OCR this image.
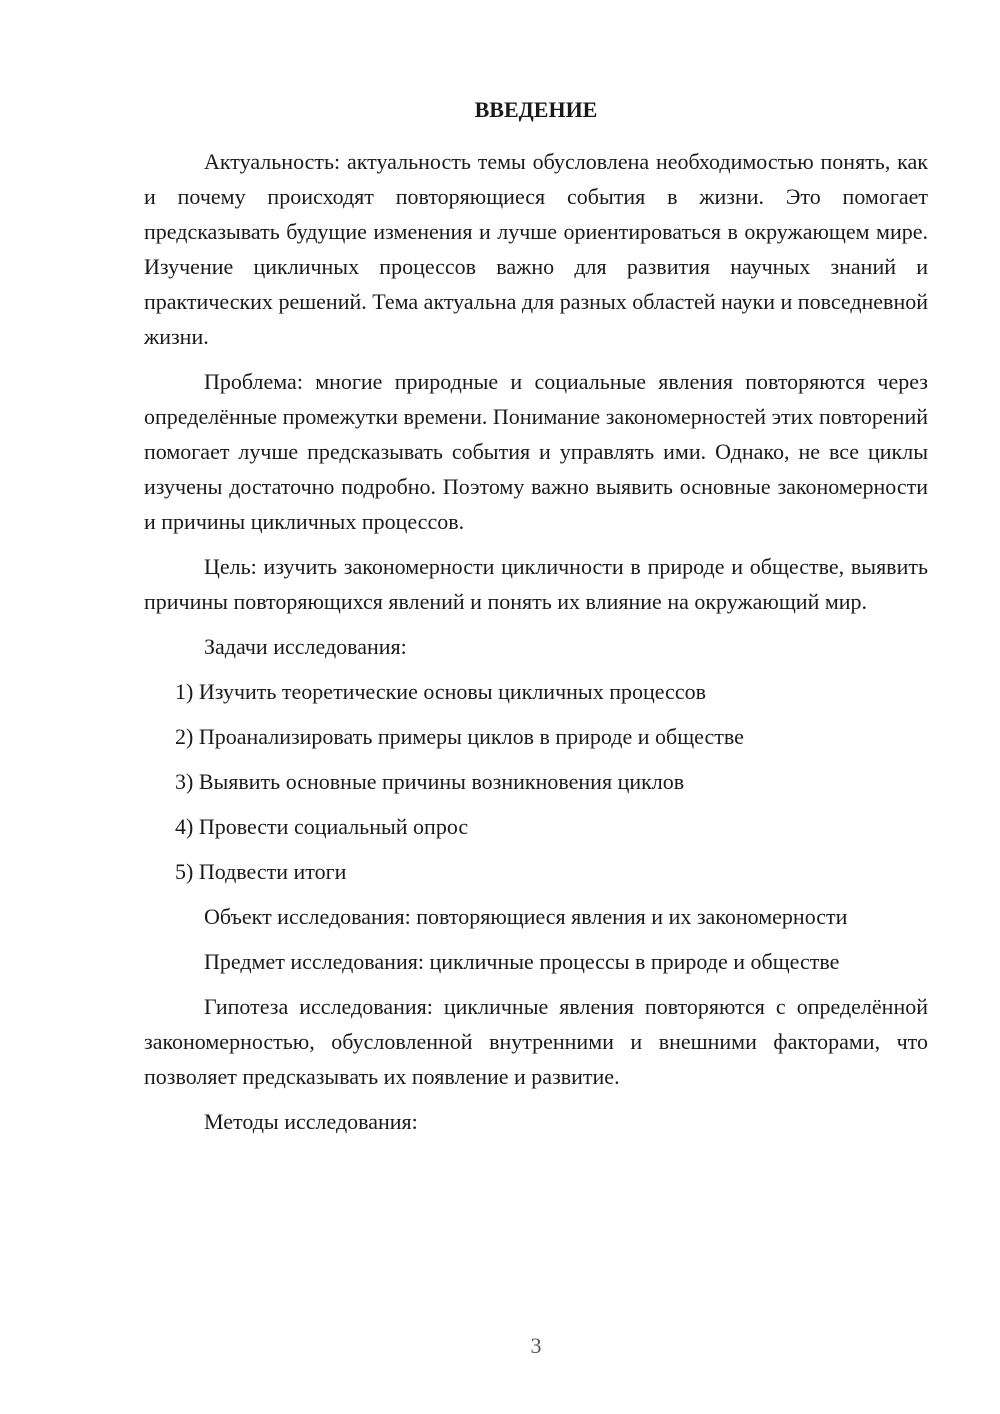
ВВЕДЕНИЕ

Актуальность: актуальность темы обусловлена необходимостью понять, как и почему происходят повторяющиеся события в жизни. Это помогает предсказывать будущие изменения и лучше ориентироваться в окружающем мире. Изучение цикличных процессов важно для развития научных знаний и практических решений. Тема актуальна для разных областей науки и повседневной жизни.

Проблема: многие природные и социальные явления повторяются через определённые промежутки времени. Понимание закономерностей этих повторений помогает лучше предсказывать события и управлять ими. Однако, не все циклы изучены достаточно подробно. Поэтому важно выявить основные закономерности и причины цикличных процессов.

Цель: изучить закономерности цикличности в природе и обществе, выявить причины повторяющихся явлений и понять их влияние на окружающий мир.

Задачи исследования:

1) Изучить теоретические основы цикличных процессов
2) Проанализировать примеры циклов в природе и обществе
3) Выявить основные причины возникновения циклов
4) Провести социальный опрос
5) Подвести итоги

Объект исследования: повторяющиеся явления и их закономерности

Предмет исследования: цикличные процессы в природе и обществе

Гипотеза исследования: цикличные явления повторяются с определённой закономерностью, обусловленной внутренними и внешними факторами, что позволяет предсказывать их появление и развитие.

Методы исследования:

3
